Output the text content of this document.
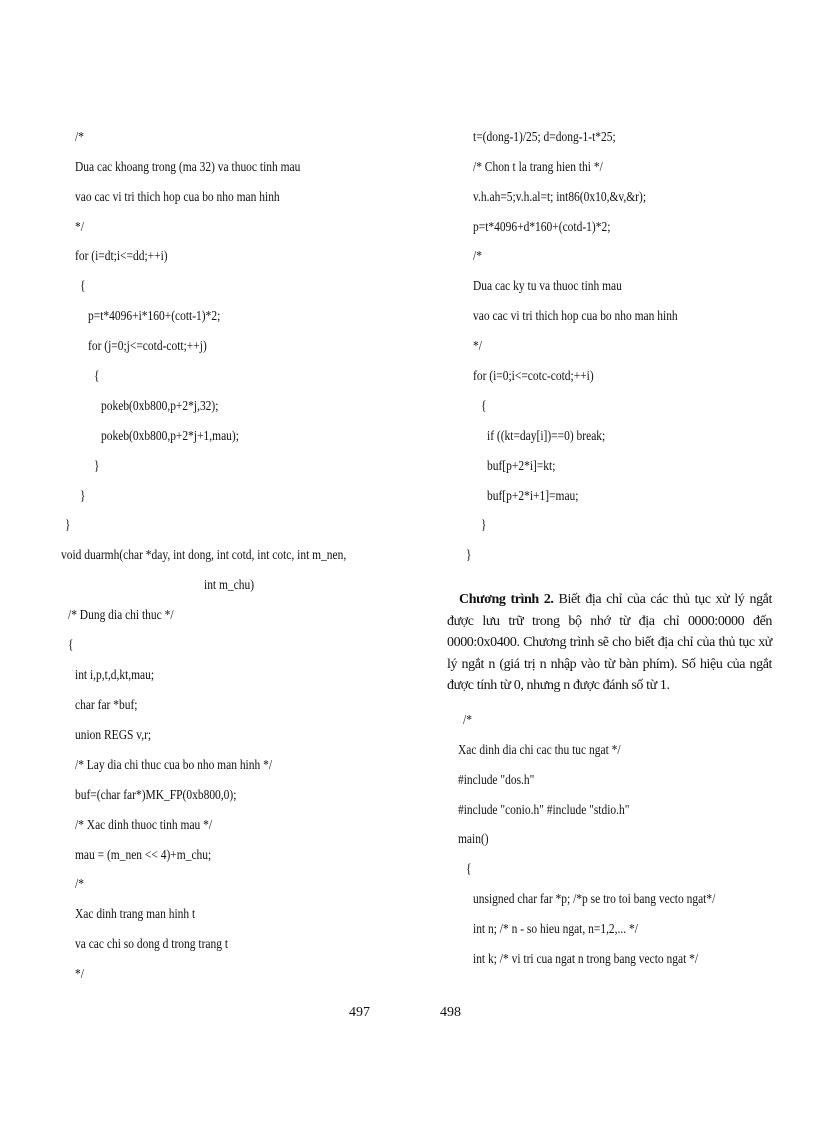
/*
Dua cac khoang trong (ma 32) va thuoc tinh mau
vao cac vi tri thich hop cua bo nho man hinh
*/
for (i=dt;i<=dd;++i)
{
p=t*4096+i*160+(cott-1)*2;
for (j=0;j<=cotd-cott;++j)
{
pokeb(0xb800,p+2*j,32);
pokeb(0xb800,p+2*j+1,mau);
}
}
}
void duarmh(char *day, int dong, int cotd, int cotc, int m_nen,
int m_chu)
/* Dung dia chi thuc */
{
int i,p,t,d,kt,mau;
char far *buf;
union REGS v,r;
/* Lay dia chi thuc cua bo nho man hinh */
buf=(char far*)MK_FP(0xb800,0);
/* Xac dinh thuoc tinh mau */
mau = (m_nen << 4)+m_chu;
/*
Xac dinh trang man hinh t
va cac chi so dong d trong trang t
*/
t=(dong-1)/25; d=dong-1-t*25;
/* Chon t la trang hien thi */
v.h.ah=5;v.h.al=t; int86(0x10,&v,&r);
p=t*4096+d*160+(cotd-1)*2;
/*
Dua cac ky tu va thuoc tinh mau
vao cac vi tri thich hop cua bo nho man hinh
*/
for (i=0;i<=cotc-cotd;++i)
{
if ((kt=day[i])==0) break;
buf[p+2*i]=kt;
buf[p+2*i+1]=mau;
}
}
Chương trình 2. Biết địa chỉ của các thủ tục xử lý ngắt được lưu trữ trong bộ nhớ từ địa chỉ 0000:0000 đến 0000:0x0400. Chương trình sẽ cho biết địa chỉ của thủ tục xử lý ngắt n (giá trị n nhập vào từ bàn phím). Số hiệu của ngắt được tính từ 0, nhưng n được đánh số từ 1.
/*
Xac dinh dia chi cac thu tuc ngat */
#include "dos.h"
#include "conio.h" #include "stdio.h"
main()
{
unsigned char far *p; /*p se tro toi bang vecto ngat*/
int n; /* n - so hieu ngat, n=1,2,... */
int k; /* vi tri cua ngat n trong bang vecto ngat */
497	498
